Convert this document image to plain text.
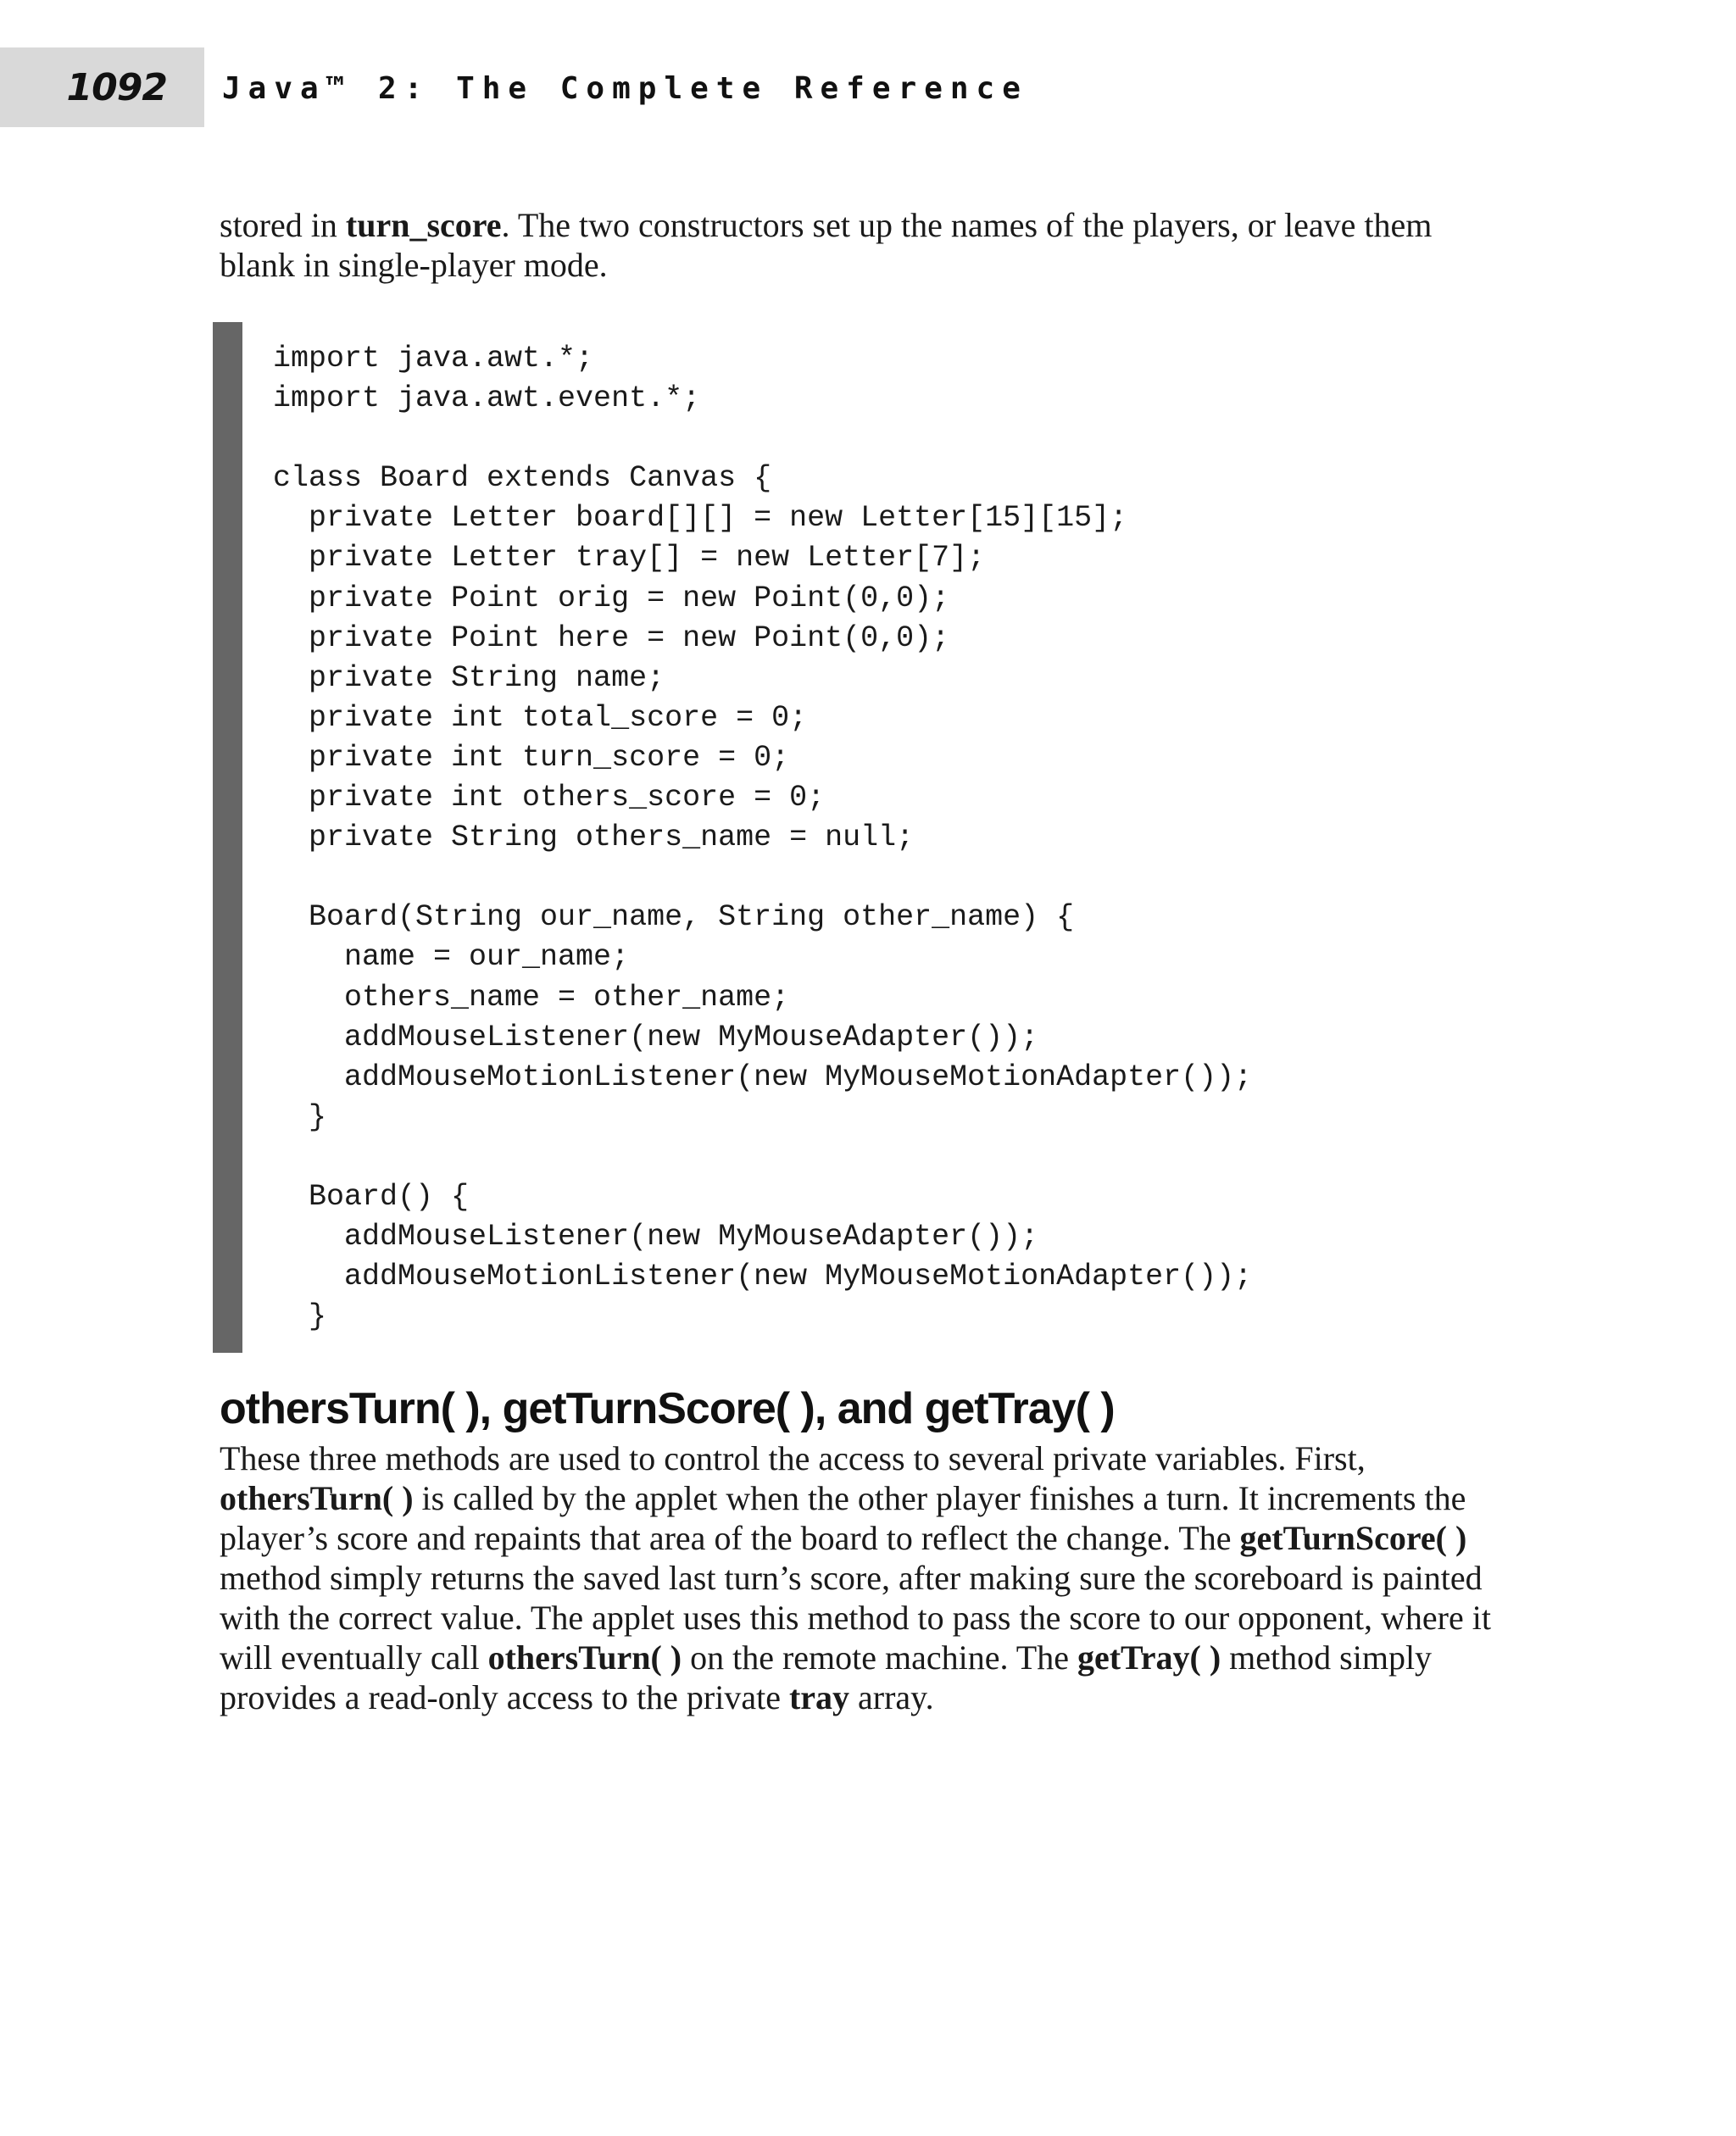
1092 Java™ 2: The Complete Reference

stored in turn_score. The two constructors set up the names of the players, or leave them blank in single-player mode.

import java.awt.*;
import java.awt.event.*;
class Board extends Canvas {
private Letter board[][] = new Letter[15][15];
private Letter tray[] = new Letter[7];
private Point orig = new Point(0,0);
private Point here = new Point(0,0);
private String name;
private int total_score = 0;
private int turn_score = 0;
private int others_score = 0;
private String others_name = null;
Board(String our_name, String other_name) {
name = our_name;
others_name = other_name;
addMouseListener(new MyMouseAdapter());
addMouseMotionListener(new MyMouseMotionAdapter());
}
Board() {
addMouseListener(new MyMouseAdapter());
addMouseMotionListener(new MyMouseMotionAdapter());
}
othersTurn( ), getTurnScore( ), and getTray( )

These three methods are used to control the access to several private variables. First, othersTurn( ) is called by the applet when the other player finishes a turn. It increments the player’s score and repaints that area of the board to reflect the change. The getTurnScore( ) method simply returns the saved last turn’s score, after making sure the scoreboard is painted with the correct value. The applet uses this method to pass the score to our opponent, where it will eventually call othersTurn( ) on the remote machine. The getTray( ) method simply provides a read-only access to the private tray array.
